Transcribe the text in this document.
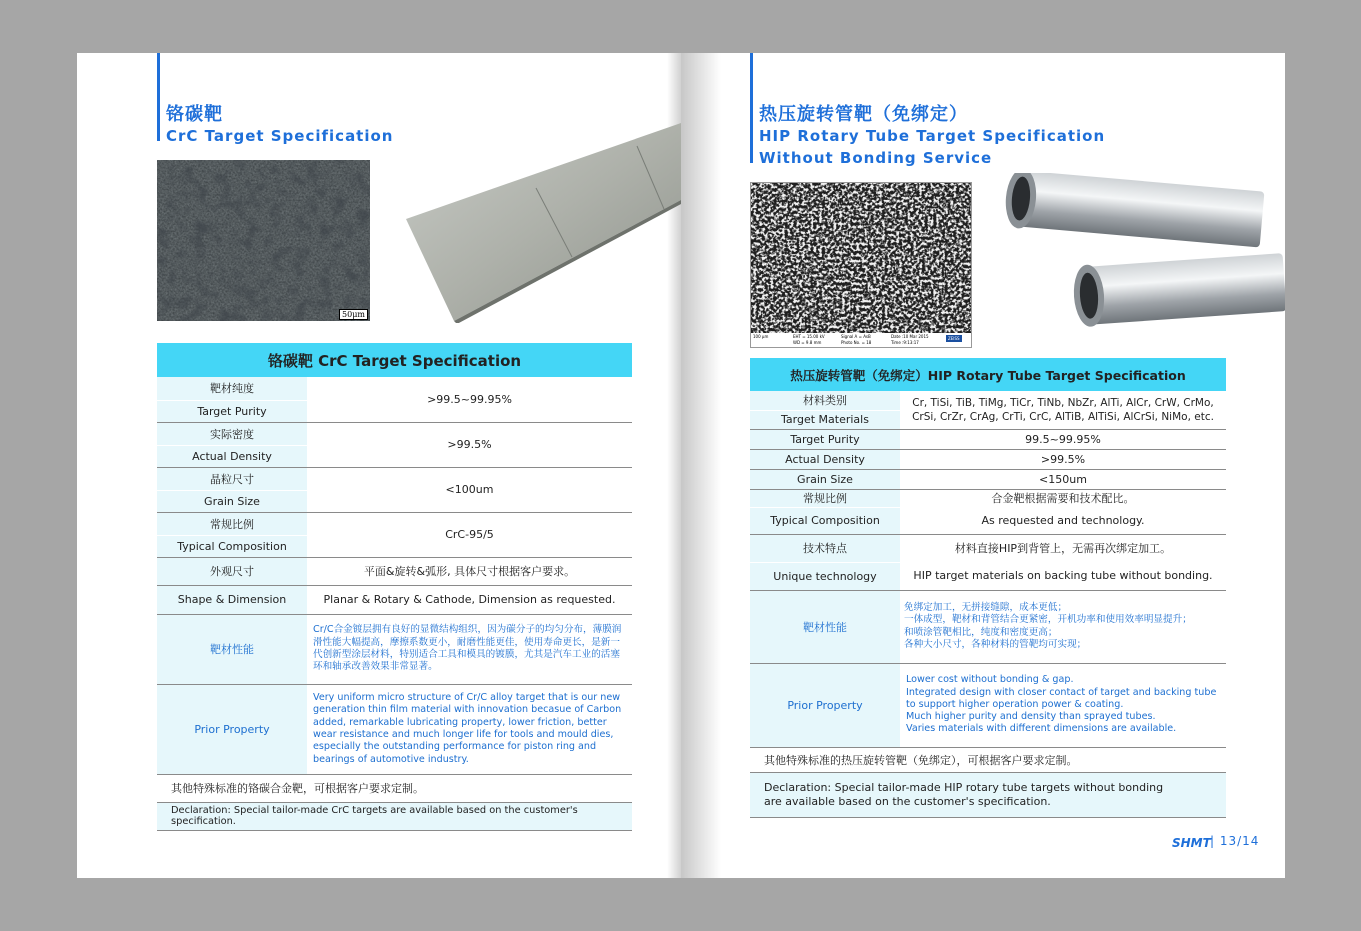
铬碳靶
CrC Target Specification
50μm
铬碳靶 CrC Target Specification	
靶材纯度	>99.5~99.95%
Target Purity	
实际密度	>99.5%
Actual Density	
晶粒尺寸	<100um
Grain Size	
常规比例	CrC-95/5
Typical Composition	
外观尺寸	平面&旋转&弧形, 具体尺寸根据客户要求。
Shape & Dimension	Planar & Rotary & Cathode, Dimension as requested.
靶材性能	Cr/C合金镀层拥有良好的显微结构组织，因为碳分子的均匀分布，薄膜润滑性能大幅提高，摩擦系数更小，耐磨性能更佳，使用寿命更长，是新一代创新型涂层材料，特别适合工具和模具的镀膜，尤其是汽车工业的活塞环和轴承改善效果非常显著。
Prior Property	Very uniform micro structure of Cr/C alloy target that is our new generation thin film material with innovation becasue of Carbon added, remarkable lubricating property, lower friction, better wear resistance and much longer life for tools and mould dies, especially the outstanding performance for piston ring and bearings of automotive industry.
其他特殊标准的铬碳合金靶，可根据客户要求定制。	
Declaration: Special tailor-made CrC targets are available based on the customer's specification.	
热压旋转管靶（免绑定）
HIP Rotary Tube Target Specification
Without Bonding Service
100 μm	EHT = 15.00 kV
WD = 9.8 mm
Signal A = AsB
Photo No. = 18
Date :10 Mar 2015
Time :9:13:17
ZEISS
热压旋转管靶（免绑定）HIP Rotary Tube Target Specification	
材料类别	Cr, TiSi, TiB, TiMg, TiCr, TiNb, NbZr, AlTi, AlCr, CrW, CrMo, CrSi, CrZr, CrAg, CrTi, CrC, AlTiB, AlTiSi, AlCrSi, NiMo, etc.
Target Materials	
Target Purity	99.5~99.95%
Actual Density	>99.5%
Grain Size	<150um
常规比例	合金靶根据需要和技术配比。
Typical Composition	As requested and technology.
技术特点	材料直接HIP到背管上，无需再次绑定加工。
Unique technology	HIP target materials on backing tube without bonding.
靶材性能	免绑定加工，无拼接缝隙，成本更低；
一体成型，靶材和背管结合更紧密，开机功率和使用效率明显提升；
和喷涂管靶相比，纯度和密度更高；
各种大小尺寸，各种材料的管靶均可实现；

Prior Property	Lower cost without bonding & gap.
Integrated design with closer contact of target and backing tube
to support higher operation power & coating.
Much higher purity and density than sprayed tubes.
Varies materials with different dimensions are available.

其他特殊标准的热压旋转管靶（免绑定），可根据客户要求定制。	

Declaration: Special tailor-made HIP rotary tube targets without bonding
are available based on the customer's specification.	
SHMT | 13/14
